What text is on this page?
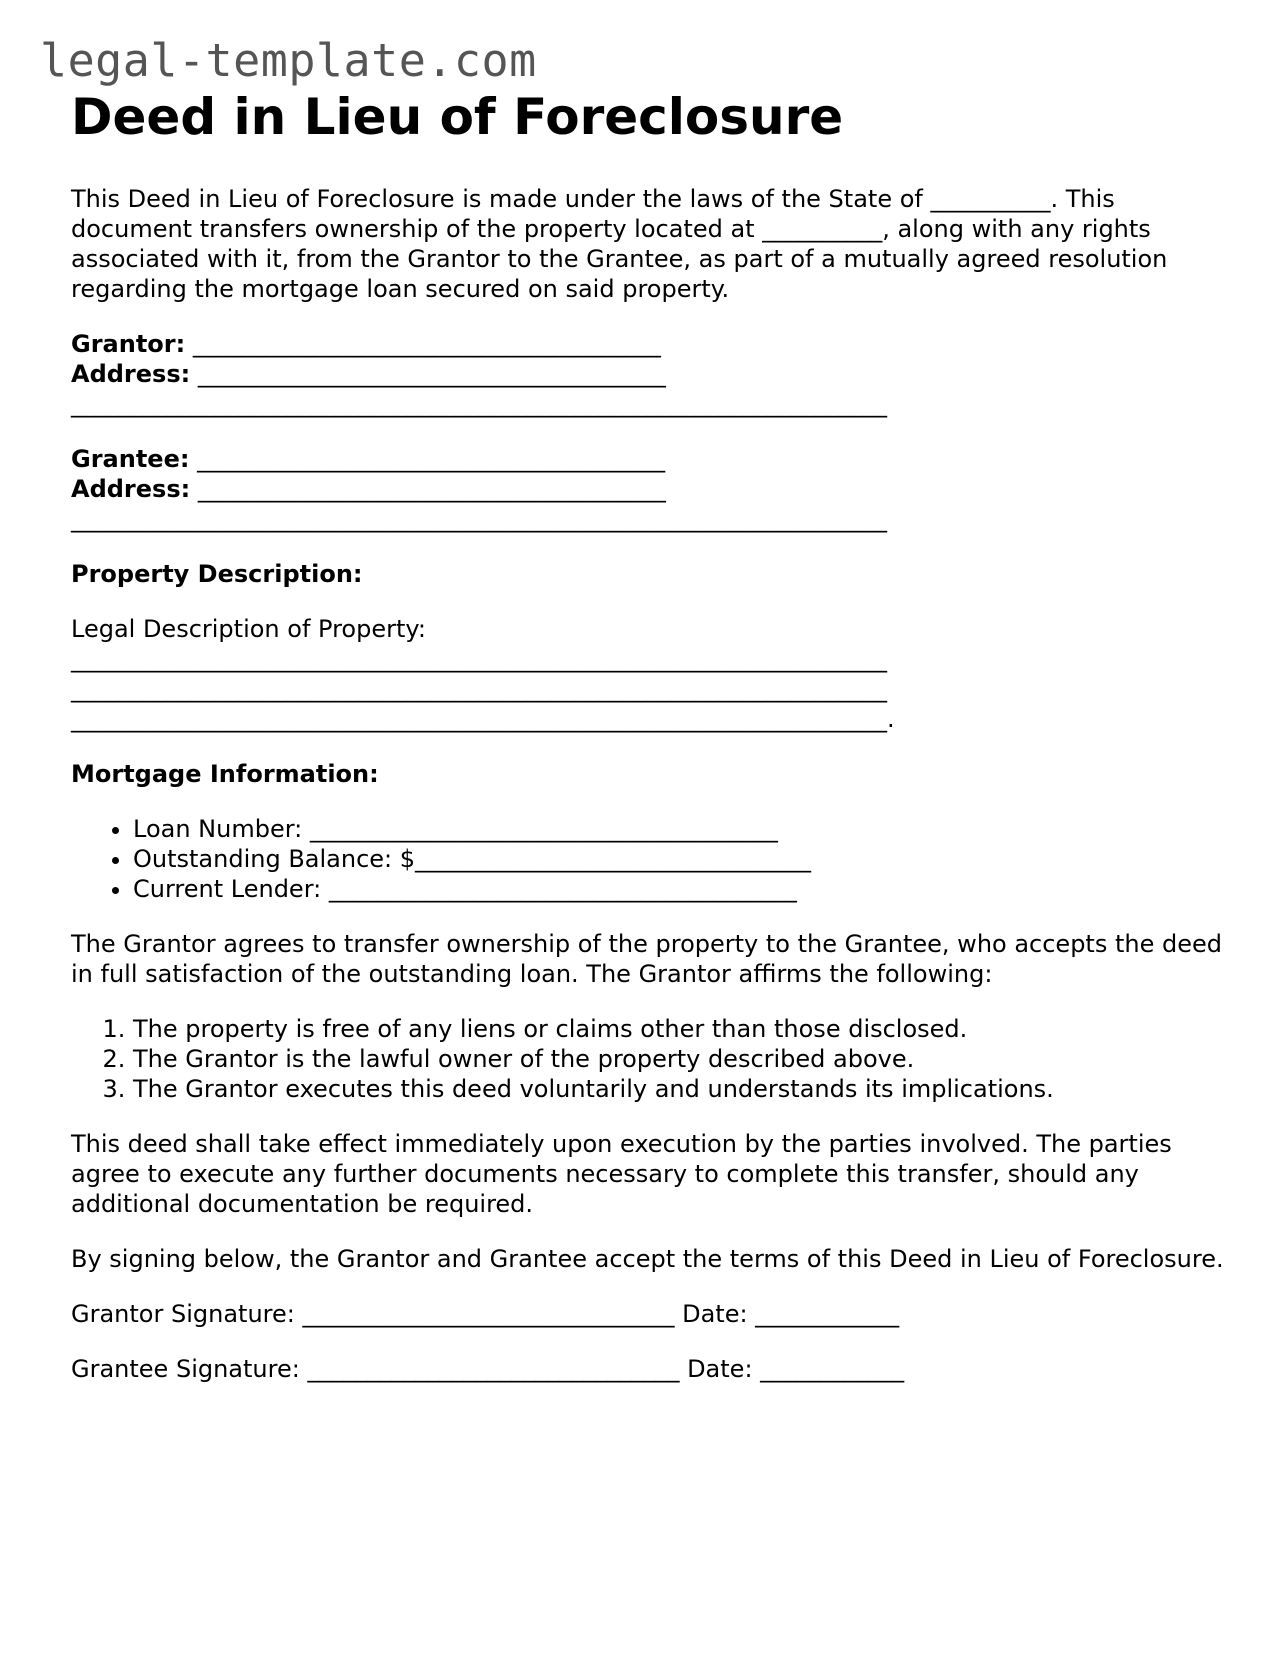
legal-template.com
Deed in Lieu of Foreclosure

This Deed in Lieu of Foreclosure is made under the laws of the State of __________. This document transfers ownership of the property located at __________, along with any rights associated with it, from the Grantor to the Grantee, as part of a mutually agreed resolution regarding the mortgage loan secured on said property.

Grantor: _______________________________________
Address: _______________________________________
____________________________________________________________________
Grantee: _______________________________________
Address: _______________________________________
____________________________________________________________________

Property Description:

Legal Description of Property:

____________________________________________________________________
____________________________________________________________________
____________________________________________________________________.

Mortgage Information:

• Loan Number: _______________________________________
• Outstanding Balance: $_________________________________
• Current Lender: _______________________________________

The Grantor agrees to transfer ownership of the property to the Grantee, who accepts the deed in full satisfaction of the outstanding loan. The Grantor affirms the following:

1. The property is free of any liens or claims other than those disclosed.
2. The Grantor is the lawful owner of the property described above.
3. The Grantor executes this deed voluntarily and understands its implications.

This deed shall take effect immediately upon execution by the parties involved. The parties agree to execute any further documents necessary to complete this transfer, should any additional documentation be required.

By signing below, the Grantor and Grantee accept the terms of this Deed in Lieu of Foreclosure.

Grantor Signature: _______________________________ Date: ____________
Grantee Signature: _______________________________ Date: ____________
